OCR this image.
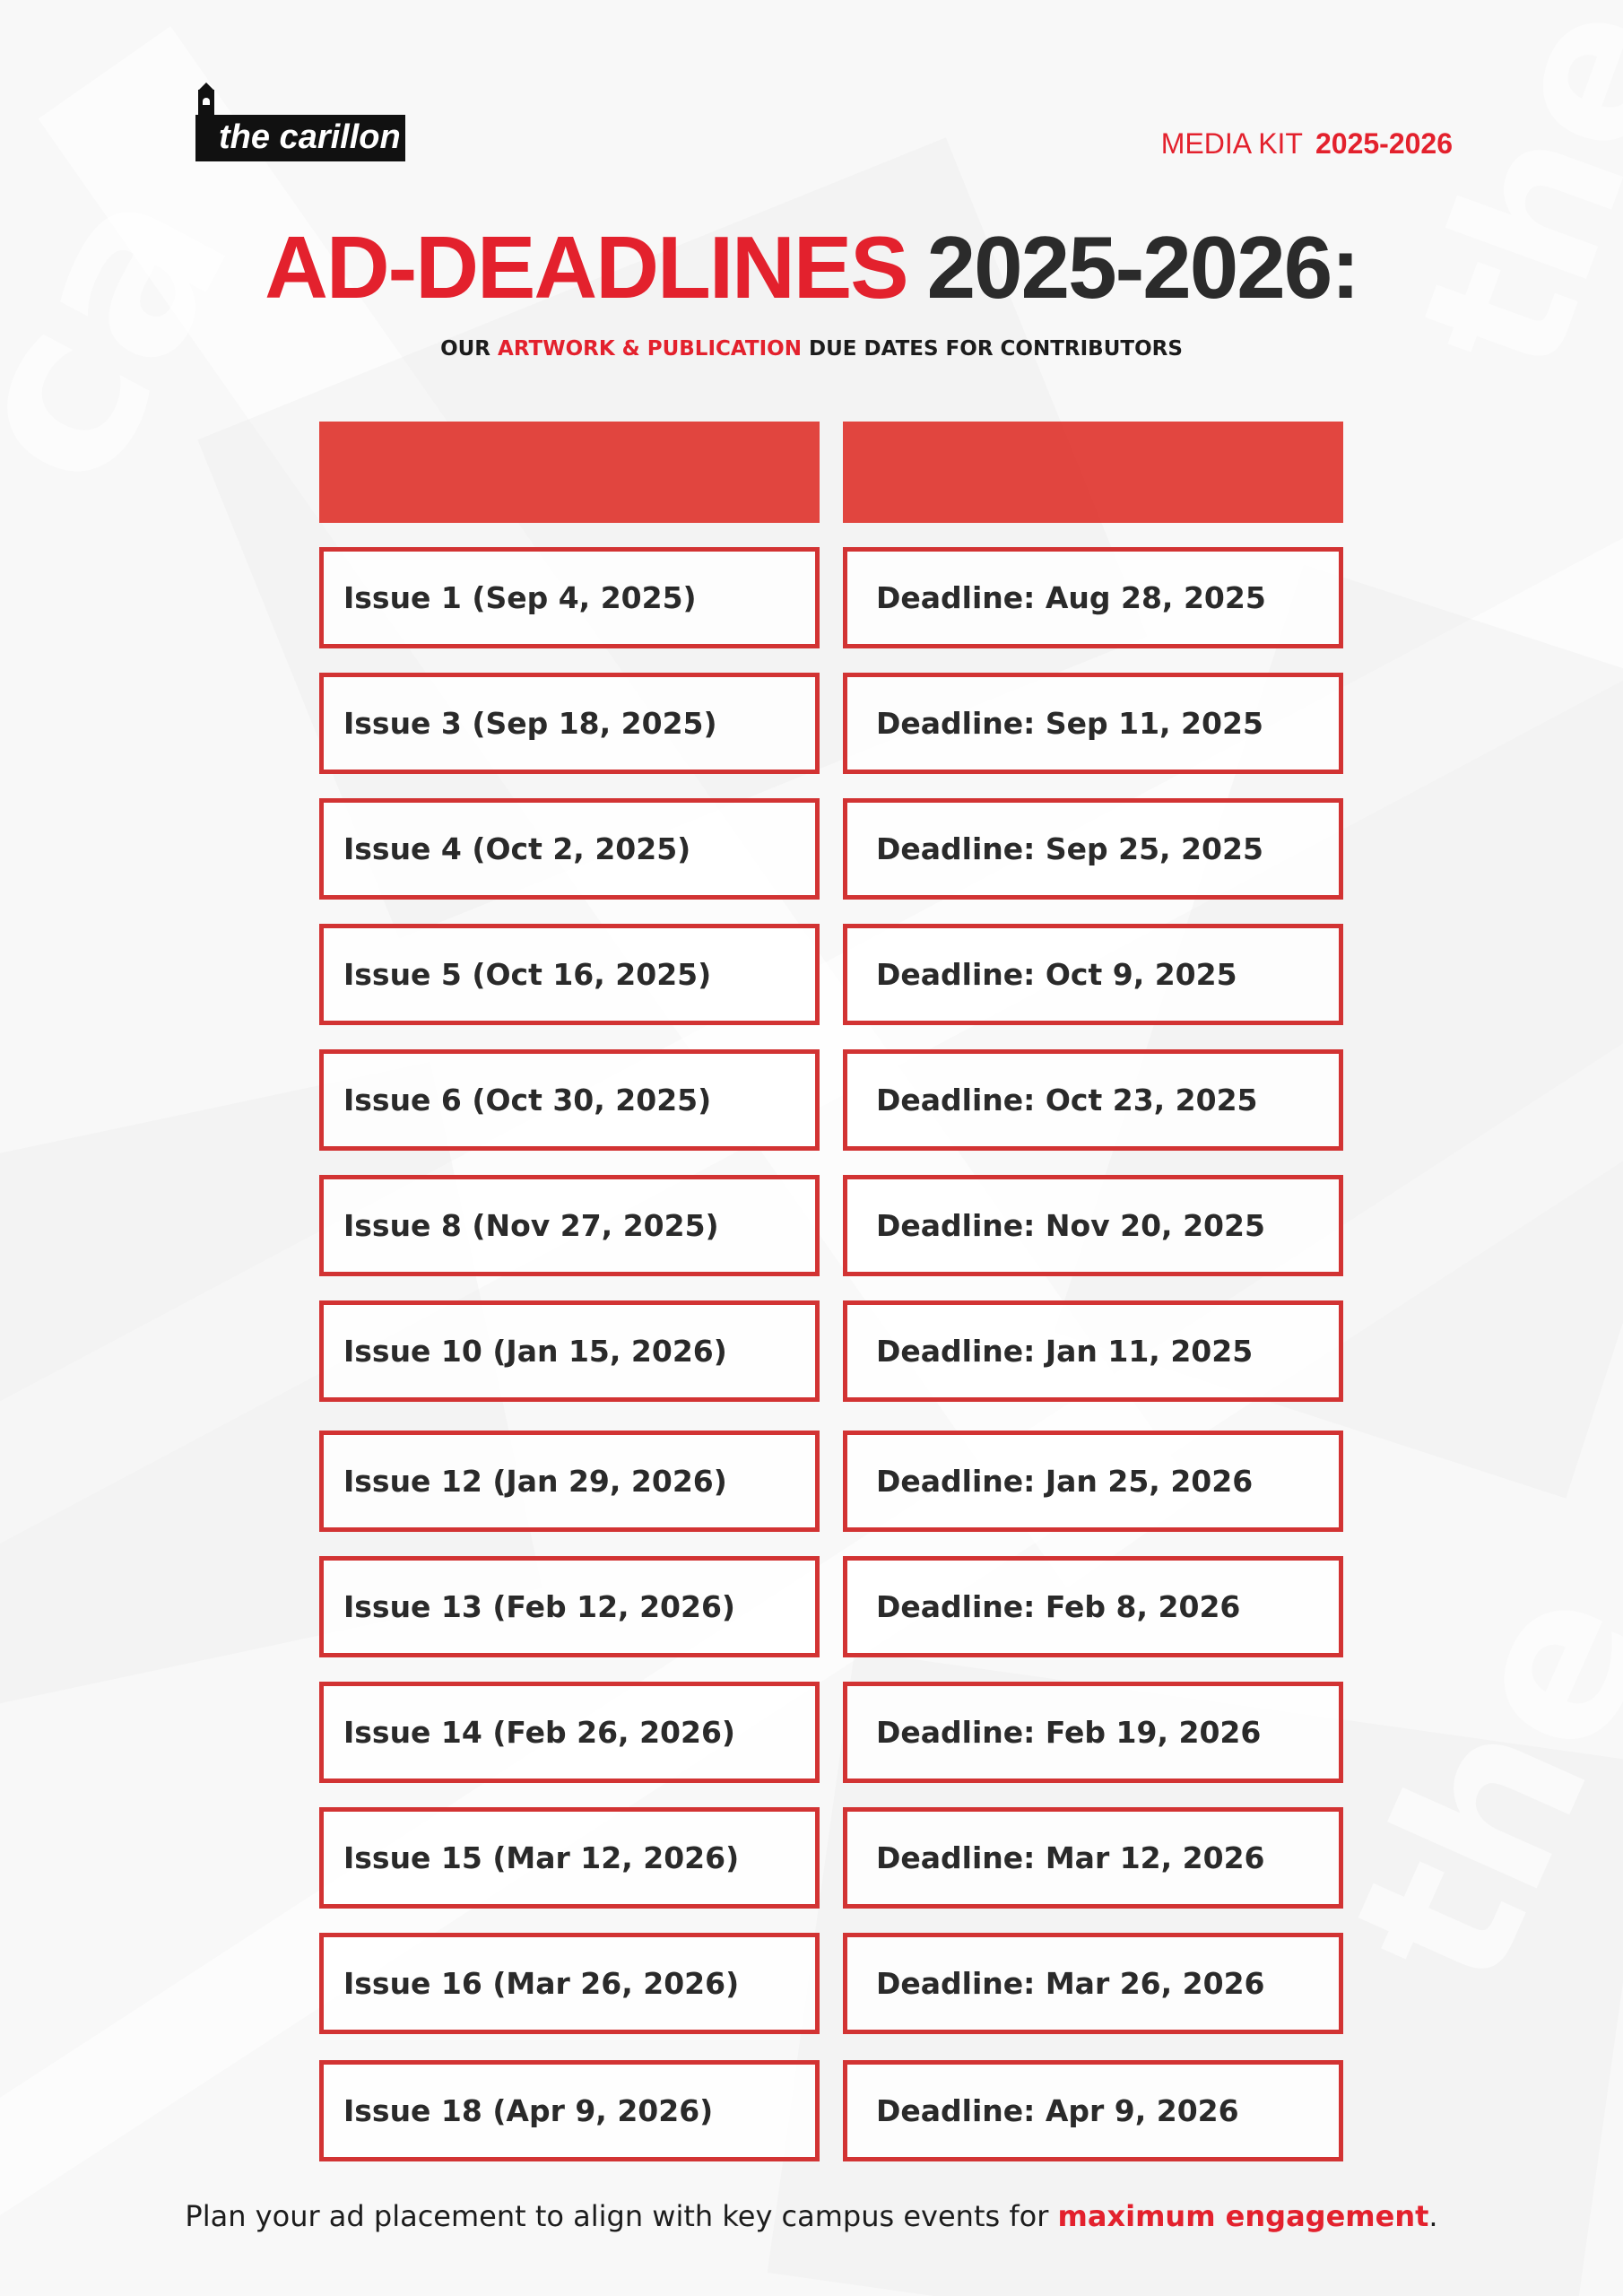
the carillon	MEDIA KIT 2025-2026
AD-DEADLINES 2025-2026:
OUR ARTWORK & PUBLICATION DUE DATES FOR CONTRIBUTORS
Issue 1 (Sep 4, 2025)	Deadline: Aug 28, 2025
Issue 3 (Sep 18, 2025)	Deadline: Sep 11, 2025
Issue 4 (Oct 2, 2025)	Deadline: Sep 25, 2025
Issue 5 (Oct 16, 2025)	Deadline: Oct 9, 2025
Issue 6 (Oct 30, 2025)	Deadline: Oct 23, 2025
Issue 8 (Nov 27, 2025)	Deadline: Nov 20, 2025
Issue 10 (Jan 15, 2026)	Deadline: Jan 11, 2025
Issue 12 (Jan 29, 2026)	Deadline: Jan 25, 2026
Issue 13 (Feb 12, 2026)	Deadline: Feb 8, 2026
Issue 14 (Feb 26, 2026)	Deadline: Feb 19, 2026
Issue 15 (Mar 12, 2026)	Deadline: Mar 12, 2026
Issue 16 (Mar 26, 2026)	Deadline: Mar 26, 2026
Issue 18 (Apr 9, 2026)	Deadline: Apr 9, 2026
Plan your ad placement to align with key campus events for maximum engagement.
